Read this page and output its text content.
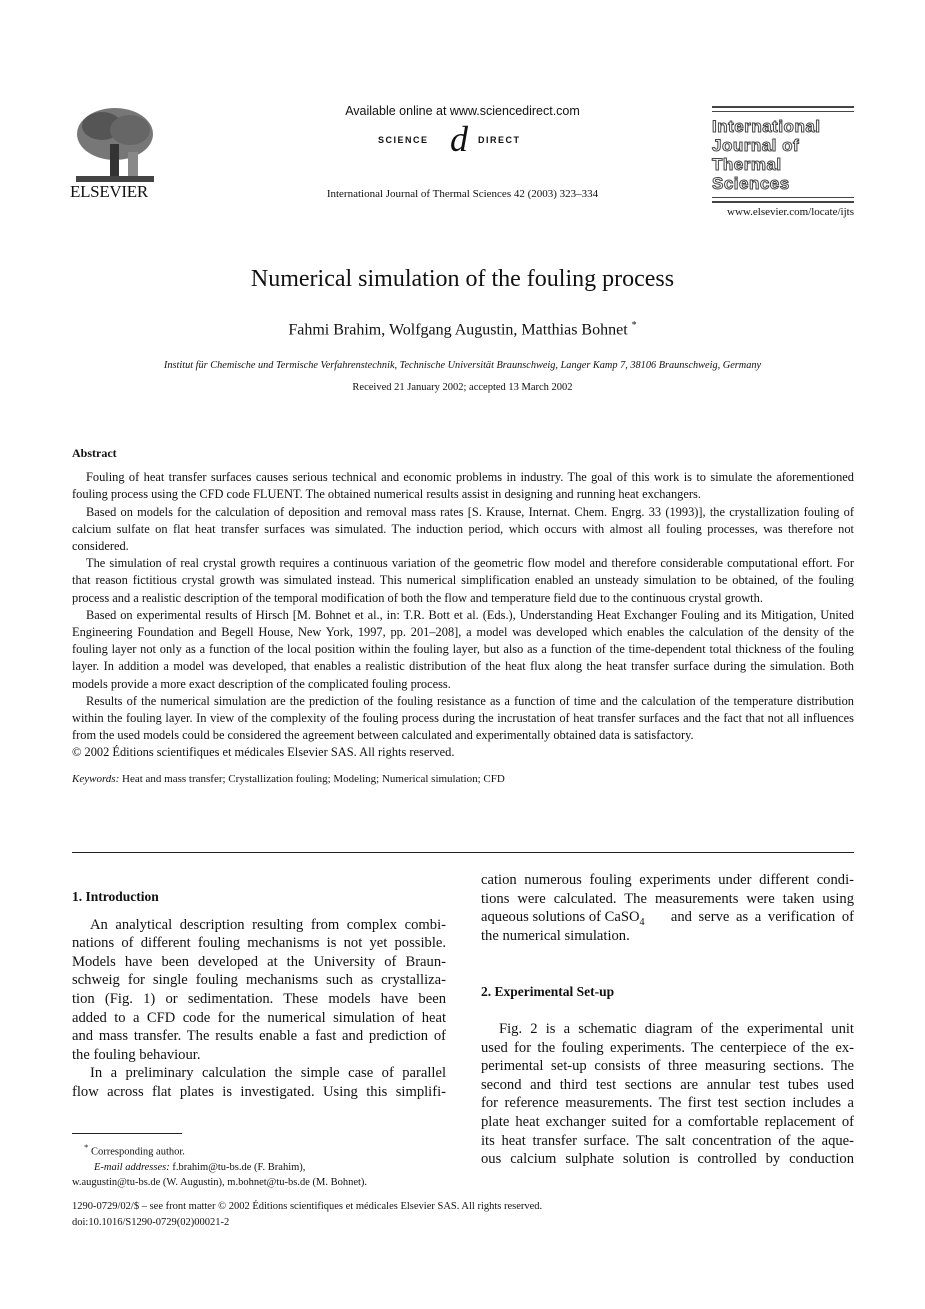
ELSEVIER
Available online at www.sciencedirect.com
SCIENCE d DIRECT
International Journal of Thermal Sciences 42 (2003) 323–334
International
Journal of
Thermal
Sciences
www.elsevier.com/locate/ijts
Numerical simulation of the fouling process
Fahmi Brahim, Wolfgang Augustin, Matthias Bohnet *
Institut für Chemische und Termische Verfahrenstechnik, Technische Universität Braunschweig, Langer Kamp 7, 38106 Braunschweig, Germany
Received 21 January 2002; accepted 13 March 2002
Abstract

Fouling of heat transfer surfaces causes serious technical and economic problems in industry. The goal of this work is to simulate the aforementioned fouling process using the CFD code FLUENT. The obtained numerical results assist in designing and running heat exchangers.

Based on models for the calculation of deposition and removal mass rates [S. Krause, Internat. Chem. Engrg. 33 (1993)], the crystallization fouling of calcium sulfate on flat heat transfer surfaces was simulated. The induction period, which occurs with almost all fouling processes, was therefore not considered.

The simulation of real crystal growth requires a continuous variation of the geometric flow model and therefore considerable computational effort. For that reason fictitious crystal growth was simulated instead. This numerical simplification enabled an unsteady simulation to be obtained, of the fouling process and a realistic description of the temporal modification of both the flow and temperature field due to the continuous crystal growth.

Based on experimental results of Hirsch [M. Bohnet et al., in: T.R. Bott et al. (Eds.), Understanding Heat Exchanger Fouling and its Mitigation, United Engineering Foundation and Begell House, New York, 1997, pp. 201–208], a model was developed which enables the calculation of the density of the fouling layer not only as a function of the local position within the fouling layer, but also as a function of the time-dependent total thickness of the fouling layer. In addition a model was developed, that enables a realistic distribution of the heat flux along the heat transfer surface during the simulation. Both models provide a more exact description of the complicated fouling process.

Results of the numerical simulation are the prediction of the fouling resistance as a function of time and the calculation of the temperature distribution within the fouling layer. In view of the complexity of the fouling process during the incrustation of heat transfer surfaces and the fact that not all influences from the used models could be considered the agreement between calculated and experimentally obtained data is satisfactory.

© 2002 Éditions scientifiques et médicales Elsevier SAS. All rights reserved.
Keywords: Heat and mass transfer; Crystallization fouling; Modeling; Numerical simulation; CFD
1. Introduction
An analytical description resulting from complex combi-
nations of different fouling mechanisms is not yet possible.
Models have been developed at the University of Braun-
schweig for single fouling mechanisms such as crystalliza-
tion (Fig. 1) or sedimentation. These models have been
added to a CFD code for the numerical simulation of heat
and mass transfer. The results enable a fast and prediction of
the fouling behaviour.
In a preliminary calculation the simple case of parallel
flow across flat plates is investigated. Using this simplifi-
* Corresponding author.
E-mail addresses: f.brahim@tu-bs.de (F. Brahim),
w.augustin@tu-bs.de (W. Augustin), m.bohnet@tu-bs.de (M. Bohnet).
cation numerous fouling experiments under different condi-
tions were calculated. The measurements were taken using
aqueous solutions of CaSO$_4$ and serve as a verification of
the numerical simulation.
2. Experimental Set-up
Fig. 2 is a schematic diagram of the experimental unit
used for the fouling experiments. The centerpiece of the ex-
perimental set-up consists of three measuring sections. The
second and third test sections are annular test tubes used
for reference measurements. The first test section includes a
plate heat exchanger suited for a comfortable replacement of
its heat transfer surface. The salt concentration of the aque-
ous calcium sulphate solution is controlled by conduction
1290-0729/02/$ – see front matter © 2002 Éditions scientifiques et médicales Elsevier SAS. All rights reserved.
doi:10.1016/S1290-0729(02)00021-2
